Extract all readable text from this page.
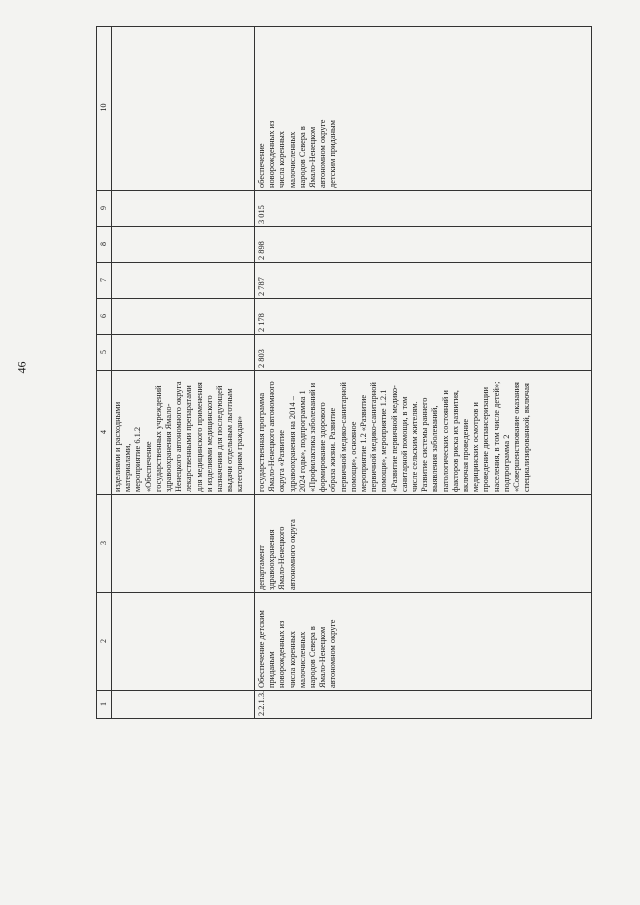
46
1
2
3
4
5
6
7
8
9
10
изделиями и расходными
материалами,
мероприятие 6.1.2
«Обеспечение
государственных учреждений
здравоохранения Ямало-
Ненецкого автономного округа
лекарственными препаратами
для медицинского применения
и изделиями медицинского
назначения для последующей
выдачи отдельным льготным
категориям граждан»
2.2.1.3.
Обеспечение детским
приданым
новорожденных из
числа коренных
малочисленных
народов Севера в
Ямало-Ненецком
автономном округе
департамент
здравоохранения
Ямало-Ненецкого
автономного округа
государственная программа
Ямало-Ненецкого автономного
округа «Развитие
здравоохранения на 2014 –
2024 годы», подпрограмма 1
«Профилактика заболеваний и
формирование здорового
образа жизни. Развитие
первичной медико-санитарной
помощи», основное
мероприятие 1.2 «Развитие
первичной медико-санитарной
помощи», мероприятие 1.2.1
«Развитие первичной медико-
санитарной помощи, в том
числе сельским жителям.
Развитие системы раннего
выявления заболеваний,
патологических состояний и
факторов риска их развития,
включая проведение
медицинских осмотров и
проведение диспансеризации
населения, в том числе детей»;
подпрограмма 2
«Совершенствование оказания
специализированной, включая
2 803
2 178
2 787
2 898
3 015
обеспечение
новорожденных из
числа коренных
малочисленных
народов Севера в
Ямало-Ненецком
автономном округе
детским приданым
